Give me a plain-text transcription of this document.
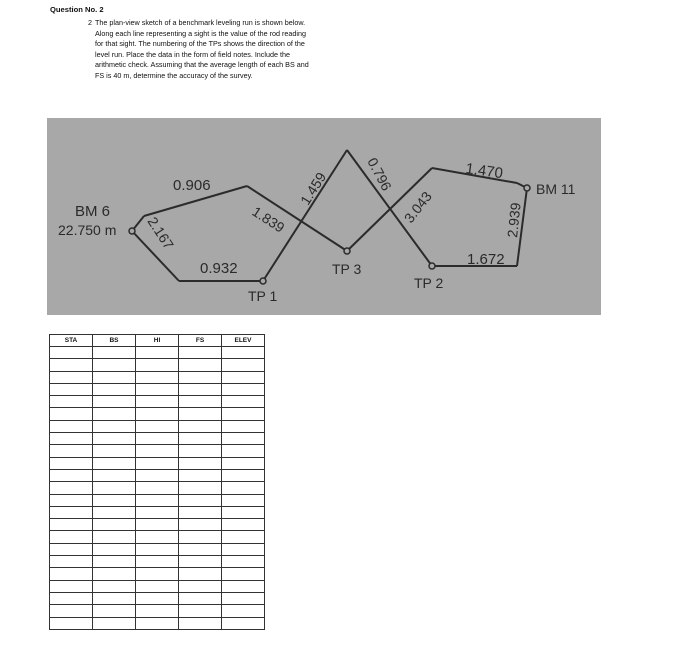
Question No. 2
2 The plan-view sketch of a benchmark leveling run is shown below.
Along each line representing a sight is the value of the rod reading
for that sight. The numbering of the TPs shows the direction of the
level run. Place the data in the form of field notes. Include the
arithmetic check. Assuming that the average length of each BS and
FS is 40 m, determine the accuracy of the survey.
BM 6
22.750 m
TP 1
TP 3
TP 2
BM 11
0.906
0.932
1.672
1.470
2.167	1.839
1.459	0.796
3.043	2.939
STA	BS	HI	FS	ELEV
